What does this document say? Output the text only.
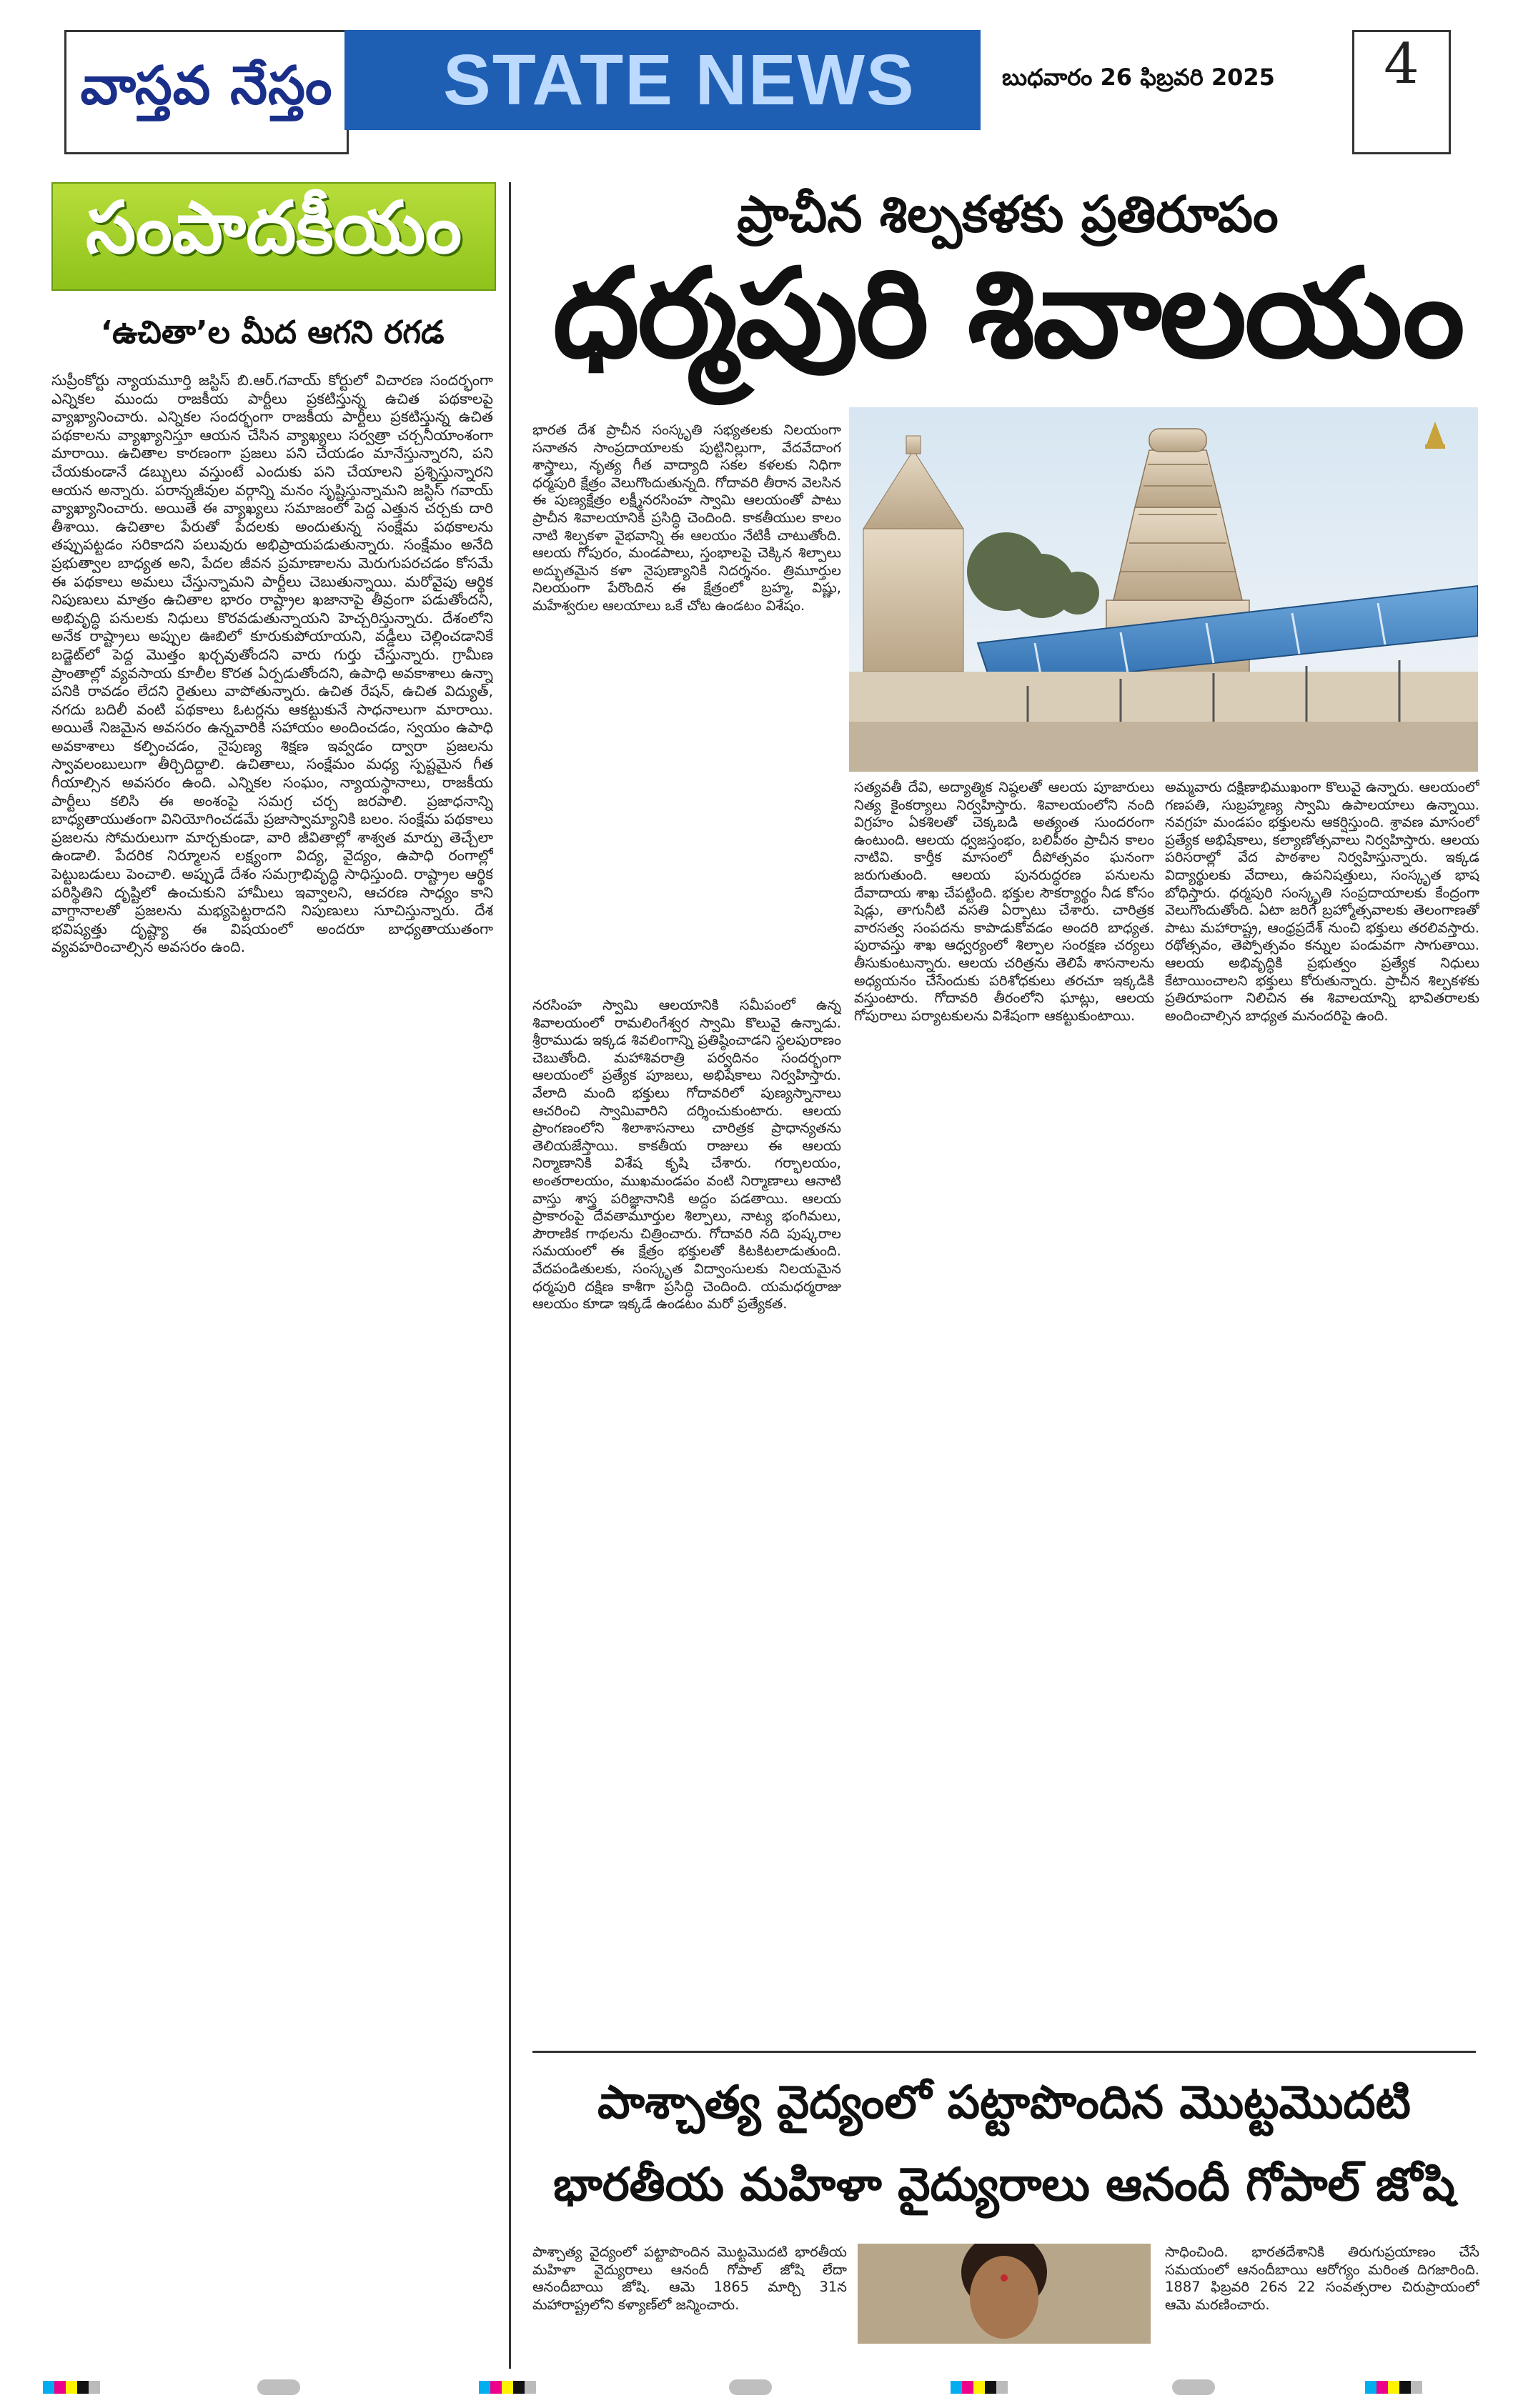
వాస్తవ నేస్తం STATE NEWS	బుధవారం 26 ఫిబ్రవరి 2025	4
సంపాదకీయం
‘ఉచితా’ల మీద ఆగని రగడ
సుప్రీంకోర్టు న్యాయమూర్తి జస్టిస్ బి.ఆర్.గవాయ్ కోర్టులో విచారణ సందర్భంగా ఎన్నికల ముందు రాజకీయ పార్టీలు ప్రకటిస్తున్న ఉచిత పథకాలపై వ్యాఖ్యానించారు. ఎన్నికల సందర్భంగా రాజకీయ పార్టీలు ప్రకటిస్తున్న ఉచిత పథకాలను వ్యాఖ్యానిస్తూ ఆయన చేసిన వ్యాఖ్యలు సర్వత్రా చర్చనీయాంశంగా మారాయి. ఉచితాల కారణంగా ప్రజలు పని చేయడం మానేస్తున్నారని, పని చేయకుండానే డబ్బులు వస్తుంటే ఎందుకు పని చేయాలని ప్రశ్నిస్తున్నారని ఆయన అన్నారు. పరాన్నజీవుల వర్గాన్ని మనం సృష్టిస్తున్నామని జస్టిస్ గవాయ్ వ్యాఖ్యానించారు. అయితే ఈ వ్యాఖ్యలు సమాజంలో పెద్ద ఎత్తున చర్చకు దారి తీశాయి. ఉచితాల పేరుతో పేదలకు అందుతున్న సంక్షేమ పథకాలను తప్పుపట్టడం సరికాదని పలువురు అభిప్రాయపడుతున్నారు. సంక్షేమం అనేది ప్రభుత్వాల బాధ్యత అని, పేదల జీవన ప్రమాణాలను మెరుగుపరచడం కోసమే ఈ పథకాలు అమలు చేస్తున్నామని పార్టీలు చెబుతున్నాయి. మరోవైపు ఆర్థిక నిపుణులు మాత్రం ఉచితాల భారం రాష్ట్రాల ఖజానాపై తీవ్రంగా పడుతోందని, అభివృద్ధి పనులకు నిధులు కొరవడుతున్నాయని హెచ్చరిస్తున్నారు. దేశంలోని అనేక రాష్ట్రాలు అప్పుల ఊబిలో కూరుకుపోయాయని, వడ్డీలు చెల్లించడానికే బడ్జెట్‌లో పెద్ద మొత్తం ఖర్చవుతోందని వారు గుర్తు చేస్తున్నారు. గ్రామీణ ప్రాంతాల్లో వ్యవసాయ కూలీల కొరత ఏర్పడుతోందని, ఉపాధి అవకాశాలు ఉన్నా పనికి రావడం లేదని రైతులు వాపోతున్నారు. ఉచిత రేషన్, ఉచిత విద్యుత్, నగదు బదిలీ వంటి పథకాలు ఓటర్లను ఆకట్టుకునే సాధనాలుగా మారాయి. అయితే నిజమైన అవసరం ఉన్నవారికి సహాయం అందించడం, స్వయం ఉపాధి అవకాశాలు కల్పించడం, నైపుణ్య శిక్షణ ఇవ్వడం ద్వారా ప్రజలను స్వావలంబులుగా తీర్చిదిద్దాలి. ఉచితాలు, సంక్షేమం మధ్య స్పష్టమైన గీత గీయాల్సిన అవసరం ఉంది. ఎన్నికల సంఘం, న్యాయస్థానాలు, రాజకీయ పార్టీలు కలిసి ఈ అంశంపై సమగ్ర చర్చ జరపాలి. ప్రజాధనాన్ని బాధ్యతాయుతంగా వినియోగించడమే ప్రజాస్వామ్యానికి బలం. సంక్షేమ పథకాలు ప్రజలను సోమరులుగా మార్చకుండా, వారి జీవితాల్లో శాశ్వత మార్పు తెచ్చేలా ఉండాలి. పేదరిక నిర్మూలన లక్ష్యంగా విద్య, వైద్యం, ఉపాధి రంగాల్లో పెట్టుబడులు పెంచాలి. అప్పుడే దేశం సమగ్రాభివృద్ధి సాధిస్తుంది. రాష్ట్రాల ఆర్థిక పరిస్థితిని దృష్టిలో ఉంచుకుని హామీలు ఇవ్వాలని, ఆచరణ సాధ్యం కాని వాగ్దానాలతో ప్రజలను మభ్యపెట్టరాదని నిపుణులు సూచిస్తున్నారు. దేశ భవిష్యత్తు దృష్ట్యా ఈ విషయంలో అందరూ బాధ్యతాయుతంగా వ్యవహరించాల్సిన అవసరం ఉంది.
ప్రాచీన శిల్పకళకు ప్రతిరూపం
ధర్మపురి శివాలయం
భారత దేశ ప్రాచీన సంస్కృతి సభ్యతలకు నిలయంగా సనాతన సాంప్రదాయాలకు పుట్టినిల్లుగా, వేదవేదాంగ శాస్త్రాలు, నృత్య గీత వాద్యాది సకల కళలకు నిధిగా ధర్మపురి క్షేత్రం వెలుగొందుతున్నది. గోదావరి తీరాన వెలసిన ఈ పుణ్యక్షేత్రం లక్ష్మీనరసింహ స్వామి ఆలయంతో పాటు ప్రాచీన శివాలయానికి ప్రసిద్ధి చెందింది. కాకతీయుల కాలం నాటి శిల్పకళా వైభవాన్ని ఈ ఆలయం నేటికీ చాటుతోంది. ఆలయ గోపురం, మండపాలు, స్తంభాలపై చెక్కిన శిల్పాలు అద్భుతమైన కళా నైపుణ్యానికి నిదర్శనం. త్రిమూర్తుల నిలయంగా పేరొందిన ఈ క్షేత్రంలో బ్రహ్మ, విష్ణు, మహేశ్వరుల ఆలయాలు ఒకే చోట ఉండటం విశేషం.
నరసింహ స్వామి ఆలయానికి సమీపంలో ఉన్న శివాలయంలో రామలింగేశ్వర స్వామి కొలువై ఉన్నాడు. శ్రీరాముడు ఇక్కడ శివలింగాన్ని ప్రతిష్ఠించాడని స్థలపురాణం చెబుతోంది. మహాశివరాత్రి పర్వదినం సందర్భంగా ఆలయంలో ప్రత్యేక పూజలు, అభిషేకాలు నిర్వహిస్తారు. వేలాది మంది భక్తులు గోదావరిలో పుణ్యస్నానాలు ఆచరించి స్వామివారిని దర్శించుకుంటారు. ఆలయ ప్రాంగణంలోని శిలాశాసనాలు చారిత్రక ప్రాధాన్యతను తెలియజేస్తాయి. కాకతీయ రాజులు ఈ ఆలయ నిర్మాణానికి విశేష కృషి చేశారు. గర్భాలయం, అంతరాలయం, ముఖమండపం వంటి నిర్మాణాలు ఆనాటి వాస్తు శాస్త్ర పరిజ్ఞానానికి అద్దం పడతాయి. ఆలయ ప్రాకారంపై దేవతామూర్తుల శిల్పాలు, నాట్య భంగిమలు, పౌరాణిక గాథలను చిత్రించారు. గోదావరి నది పుష్కరాల సమయంలో ఈ క్షేత్రం భక్తులతో కిటకిటలాడుతుంది. వేదపండితులకు, సంస్కృత విద్వాంసులకు నిలయమైన ధర్మపురి దక్షిణ కాశీగా ప్రసిద్ధి చెందింది. యమధర్మరాజు ఆలయం కూడా ఇక్కడే ఉండటం మరో ప్రత్యేకత.
సత్యవతీ దేవి, అద్యాత్మిక నిష్ఠలతో ఆలయ పూజారులు నిత్య కైంకర్యాలు నిర్వహిస్తారు. శివాలయంలోని నంది విగ్రహం ఏకశిలతో చెక్కబడి అత్యంత సుందరంగా ఉంటుంది. ఆలయ ధ్వజస్తంభం, బలిపీఠం ప్రాచీన కాలం నాటివి. కార్తీక మాసంలో దీపోత్సవం ఘనంగా జరుగుతుంది. ఆలయ పునరుద్ధరణ పనులను దేవాదాయ శాఖ చేపట్టింది. భక్తుల సౌకర్యార్థం నీడ కోసం షెడ్లు, తాగునీటి వసతి ఏర్పాటు చేశారు. చారిత్రక వారసత్వ సంపదను కాపాడుకోవడం అందరి బాధ్యత. పురావస్తు శాఖ ఆధ్వర్యంలో శిల్పాల సంరక్షణ చర్యలు తీసుకుంటున్నారు. ఆలయ చరిత్రను తెలిపే శాసనాలను అధ్యయనం చేసేందుకు పరిశోధకులు తరచూ ఇక్కడికి వస్తుంటారు. గోదావరి తీరంలోని ఘాట్లు, ఆలయ గోపురాలు పర్యాటకులను విశేషంగా ఆకట్టుకుంటాయి.
అమ్మవారు దక్షిణాభిముఖంగా కొలువై ఉన్నారు. ఆలయంలో గణపతి, సుబ్రహ్మణ్య స్వామి ఉపాలయాలు ఉన్నాయి. నవగ్రహ మండపం భక్తులను ఆకర్షిస్తుంది. శ్రావణ మాసంలో ప్రత్యేక అభిషేకాలు, కల్యాణోత్సవాలు నిర్వహిస్తారు. ఆలయ పరిసరాల్లో వేద పాఠశాల నిర్వహిస్తున్నారు. ఇక్కడ విద్యార్థులకు వేదాలు, ఉపనిషత్తులు, సంస్కృత భాష బోధిస్తారు. ధర్మపురి సంస్కృతి సంప్రదాయాలకు కేంద్రంగా వెలుగొందుతోంది. ఏటా జరిగే బ్రహ్మోత్సవాలకు తెలంగాణతో పాటు మహారాష్ట్ర, ఆంధ్రప్రదేశ్ నుంచి భక్తులు తరలివస్తారు. రథోత్సవం, తెప్పోత్సవం కన్నుల పండువగా సాగుతాయి. ఆలయ అభివృద్ధికి ప్రభుత్వం ప్రత్యేక నిధులు కేటాయించాలని భక్తులు కోరుతున్నారు. ప్రాచీన శిల్పకళకు ప్రతిరూపంగా నిలిచిన ఈ శివాలయాన్ని భావితరాలకు అందించాల్సిన బాధ్యత మనందరిపై ఉంది.
పాశ్చాత్య వైద్యంలో పట్టాపొందిన మొట్టమొదటి
భారతీయ మహిళా వైద్యురాలు ఆనందీ గోపాల్ జోషి
పాశ్చాత్య వైద్యంలో పట్టాపొందిన మొట్టమొదటి భారతీయ మహిళా వైద్యురాలు ఆనందీ గోపాల్ జోషి లేదా ఆనందీబాయి జోషి. ఆమె 1865 మార్చి 31న మహారాష్ట్రలోని కళ్యాణ్‌లో జన్మించారు.
సాధించింది. భారతదేశానికి తిరుగుప్రయాణం చేసే సమయంలో ఆనందీబాయి ఆరోగ్యం మరింత దిగజారింది. 1887 ఫిబ్రవరి 26న 22 సంవత్సరాల చిరుప్రాయంలో ఆమె మరణించారు.
